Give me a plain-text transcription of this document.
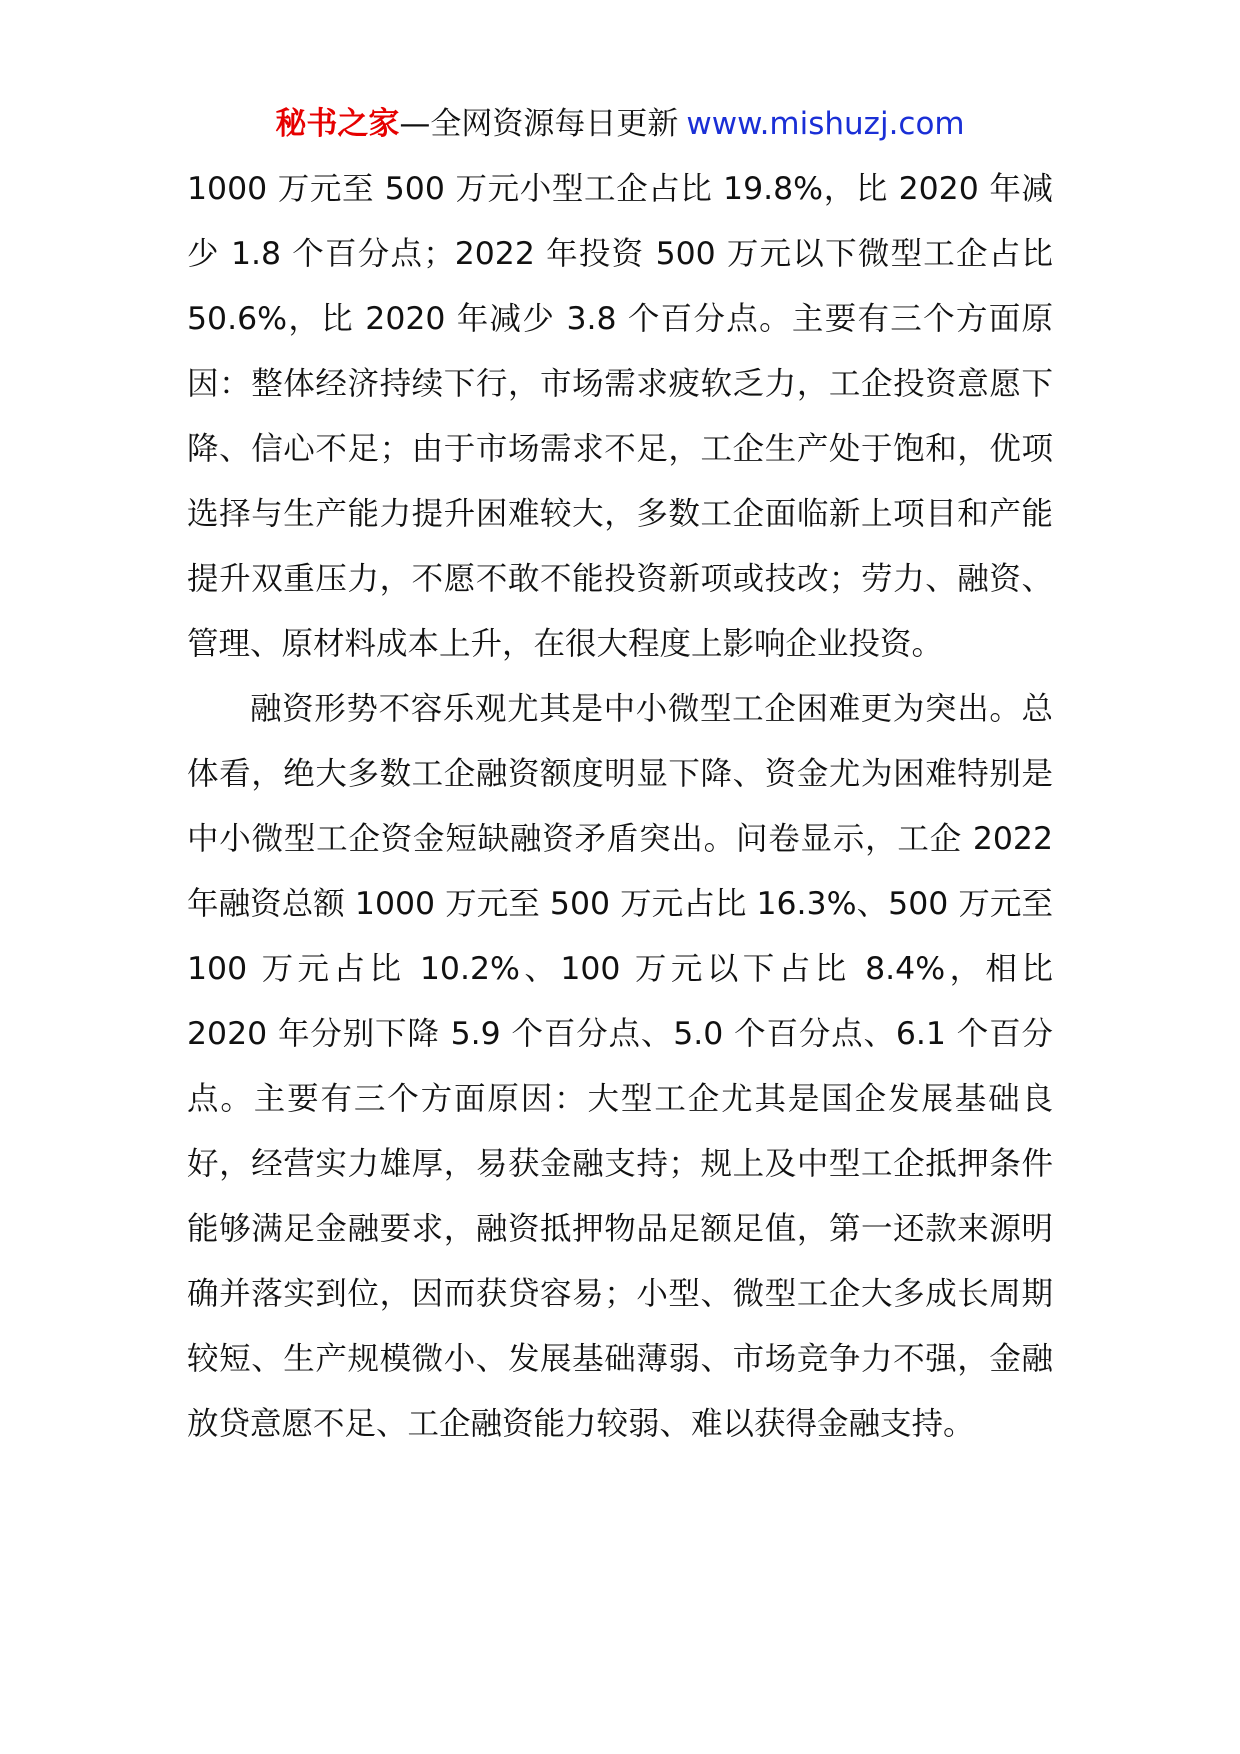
秘书之家—全网资源每日更新 www.mishuzj.com

1000 万元至 500 万元小型工企占比 19.8%，比 2020 年减少 1.8 个百分点；2022 年投资 500 万元以下微型工企占比 50.6%，比 2020 年减少 3.8 个百分点。主要有三个方面原因：整体经济持续下行，市场需求疲软乏力，工企投资意愿下降、信心不足；由于市场需求不足，工企生产处于饱和，优项选择与生产能力提升困难较大，多数工企面临新上项目和产能提升双重压力，不愿不敢不能投资新项或技改；劳力、融资、管理、原材料成本上升，在很大程度上影响企业投资。

融资形势不容乐观尤其是中小微型工企困难更为突出。总体看，绝大多数工企融资额度明显下降、资金尤为困难特别是中小微型工企资金短缺融资矛盾突出。问卷显示，工企 2022 年融资总额 1000 万元至 500 万元占比 16.3%、500 万元至 100 万元占比 10.2%、100 万元以下占比 8.4%，相比 2020 年分别下降 5.9 个百分点、5.0 个百分点、6.1 个百分点。主要有三个方面原因：大型工企尤其是国企发展基础良好，经营实力雄厚，易获金融支持；规上及中型工企抵押条件能够满足金融要求，融资抵押物品足额足值，第一还款来源明确并落实到位，因而获贷容易；小型、微型工企大多成长周期较短、生产规模微小、发展基础薄弱、市场竞争力不强，金融放贷意愿不足、工企融资能力较弱、难以获得金融支持。
